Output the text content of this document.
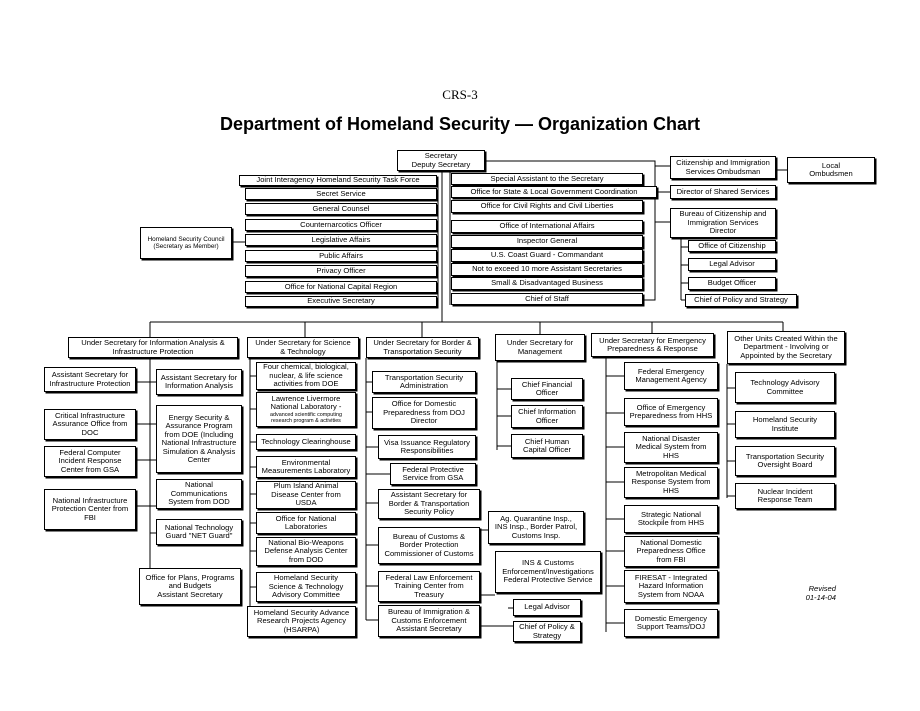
CRS-3
Department of Homeland Security — Organization Chart
Secretary
Deputy Secretary
Homeland Security Council
(Secretary as Member)
Joint Interagency Homeland Security Task Force
Secret Service
General Counsel
Counternarcotics Officer
Legislative Affairs
Public Affairs
Privacy Officer
Office for National Capital Region
Executive Secretary
Special Assistant to the Secretary
Office for State & Local Government Coordination
Office for Civil Rights and Civil Liberties
Office of International Affairs
Inspector General
U.S. Coast Guard - Commandant
Not to exceed 10 more Assistant Secretaries
Small & Disadvantaged Business
Chief of Staff
Citizenship and Immigration
Services Ombudsman
Local
Ombudsmen
Director of Shared Services
Bureau of Citizenship and
Immigration Services
Director
Office of Citizenship
Legal Advisor
Budget Officer
Chief of Policy and Strategy
Under Secretary for Information Analysis &
Infrastructure Protection
Under Secretary for Science
& Technology
Under Secretary for Border &
Transportation Security
Under Secretary for
Management
Under Secretary for Emergency
Preparedness & Response
Other Units Created Within the
Department - Involving or
Appointed by the Secretary
Assistant Secretary for
Infrastructure Protection
Critical Infrastructure
Assurance Office from
DOC
Federal Computer
Incident Response
Center from GSA
National Infrastructure
Protection Center from
FBI
Assistant Secretary for
Information Analysis
Energy Security &
Assurance Program
from DOE (Including
National Infrastructure
Simulation & Analysis
Center
National
Communications
System from DOD
National Technology
Guard "NET Guard"
Office for Plans, Programs
and Budgets
Assistant Secretary
Four chemical, biological,
nuclear, & life science
activities from DOE
Lawrence Livermore
National Laboratory -
advanced scientific computing
research program & activities
Technology Clearinghouse
Environmental
Measurements Laboratory
Plum Island Animal
Disease Center from
USDA
Office for National
Laboratories
National Bio-Weapons
Defense Analysis Center
from DOD
Homeland Security
Science & Technology
Advisory Committee
Homeland Security Advance
Research Projects Agency
(HSARPA)
Transportation Security
Administration
Office for Domestic
Preparedness from DOJ
Director
Visa Issuance Regulatory
Responsibilities
Federal Protective
Service from GSA
Assistant Secretary for
Border & Transportation
Security Policy
Bureau of Customs &
Border Protection
Commissioner of Customs
Federal Law Enforcement
Training Center from
Treasury
Bureau of Immigration &
Customs Enforcement
Assistant Secretary
Ag. Quarantine Insp.,
INS Insp., Border Patrol,
Customs Insp.
INS & Customs
Enforcement/Investigations
Federal Protective Service
Legal Advisor
Chief of Policy &
Strategy
Chief Financial
Officer
Chief Information
Officer
Chief Human
Capital Officer
Federal Emergency
Management Agency
Office of Emergency
Preparedness from HHS
National Disaster
Medical System from
HHS
Metropolitan Medical
Response System from
HHS
Strategic National
Stockpile from HHS
National Domestic
Preparedness Office
from FBI
FIRESAT - Integrated
Hazard Information
System from NOAA
Domestic Emergency
Support Teams/DOJ
Technology Advisory
Committee
Homeland Security
Institute
Transportation Security
Oversight Board
Nuclear Incident
Response Team
Revised
01-14-04
